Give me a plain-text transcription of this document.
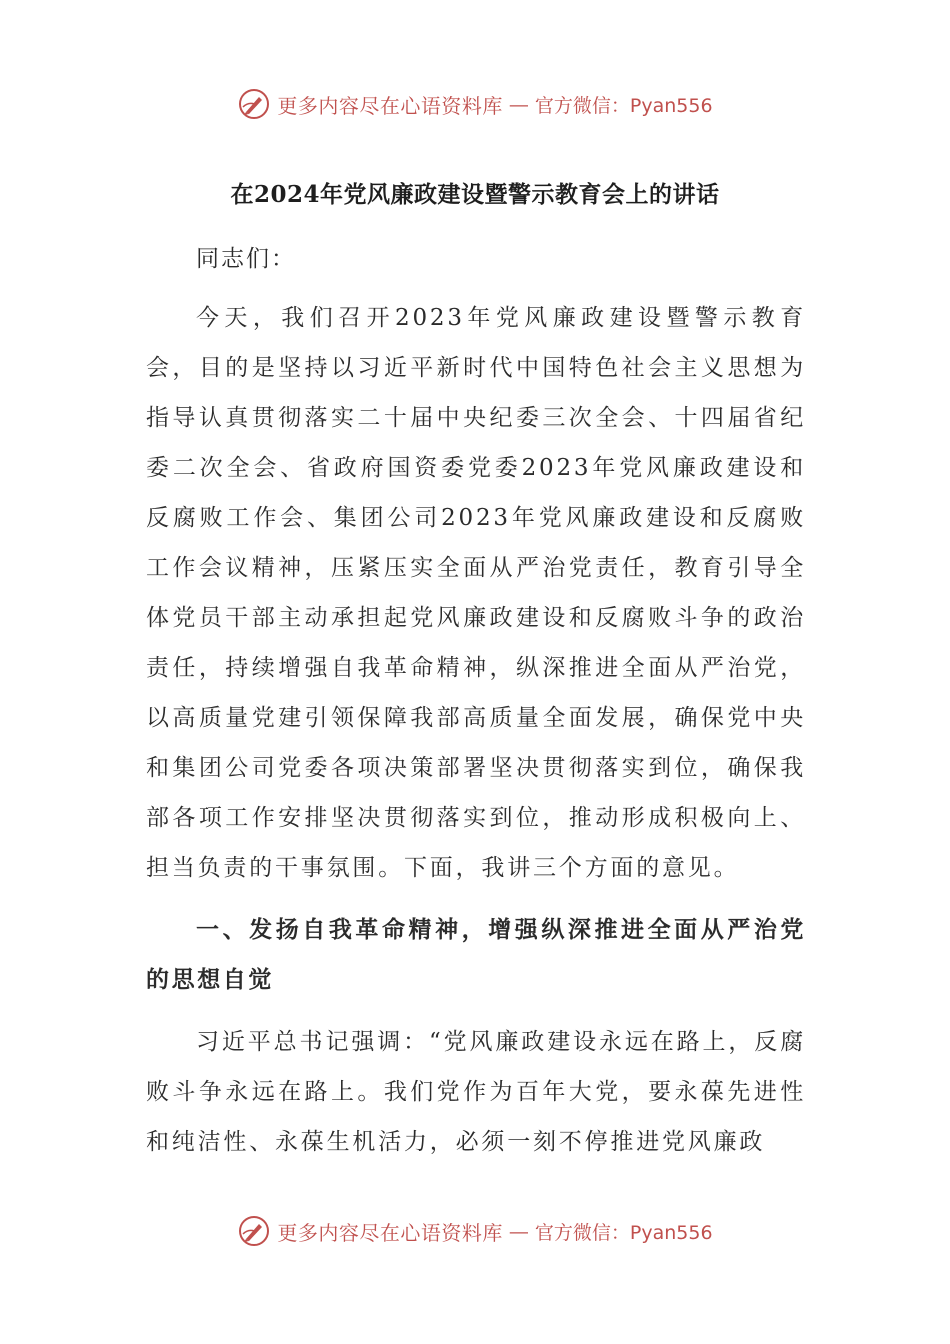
更多内容尽在心语资料库 — 官方微信：Pyan556
在2024年党风廉政建设暨警示教育会上的讲话

同志们：

今天，我们召开2023年党风廉政建设暨警示教育会，目的是坚持以习近平新时代中国特色社会主义思想为指导认真贯彻落实二十届中央纪委三次全会、十四届省纪委二次全会、省政府国资委党委2023年党风廉政建设和反腐败工作会、集团公司2023年党风廉政建设和反腐败工作会议精神，压紧压实全面从严治党责任，教育引导全体党员干部主动承担起党风廉政建设和反腐败斗争的政治责任，持续增强自我革命精神，纵深推进全面从严治党，以高质量党建引领保障我部高质量全面发展，确保党中央和集团公司党委各项决策部署坚决贯彻落实到位，确保我部各项工作安排坚决贯彻落实到位，推动形成积极向上、担当负责的干事氛围。下面，我讲三个方面的意见。

一、发扬自我革命精神，增强纵深推进全面从严治党的思想自觉

习近平总书记强调：“党风廉政建设永远在路上，反腐败斗争永远在路上。我们党作为百年大党，要永葆先进性和纯洁性、永葆生机活力，必须一刻不停推进党风廉政

更多内容尽在心语资料库 — 官方微信：Pyan556
